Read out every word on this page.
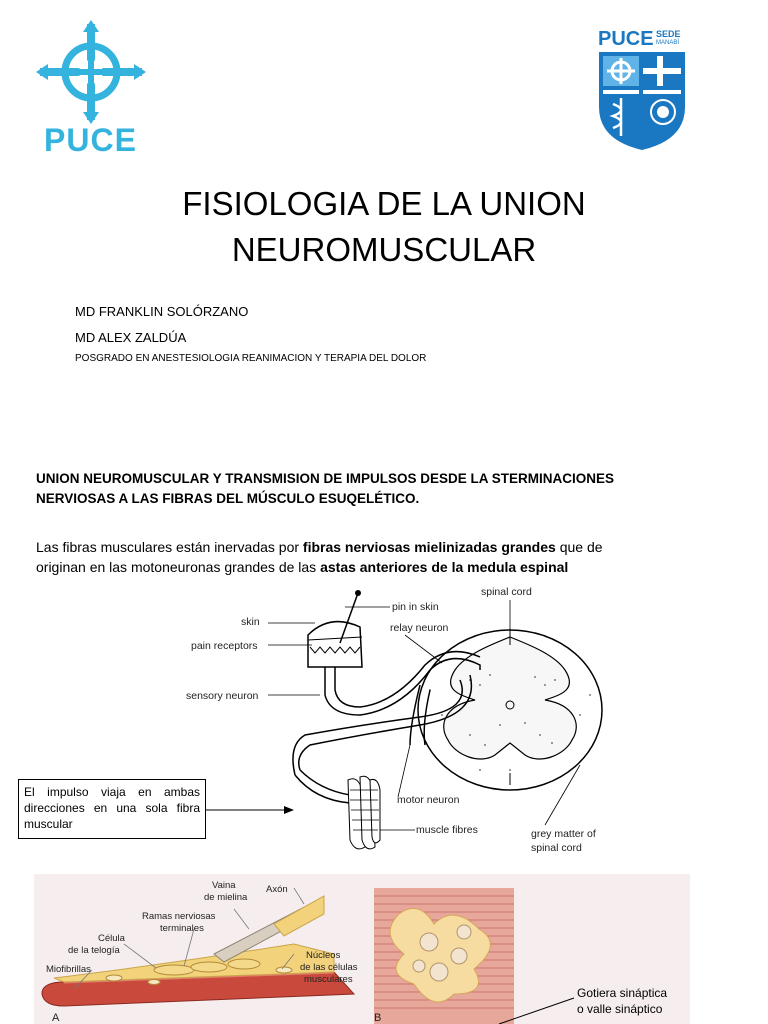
PUCE
PUCE SEDE
MANABÍ
FISIOLOGIA DE LA UNION
NEUROMUSCULAR
MD FRANKLIN SOLÓRZANO
MD ALEX ZALDÚA
POSGRADO EN ANESTESIOLOGIA REANIMACION Y TERAPIA DEL DOLOR
UNION NEUROMUSCULAR Y TRANSMISION DE IMPULSOS DESDE LA STERMINACIONES
NERVIOSAS A LAS FIBRAS DEL MÚSCULO ESUQELÉTICO.
Las fibras musculares están inervadas por fibras nerviosas mielinizadas grandes que de
originan en las motoneuronas grandes de las astas anteriores de la medula espinal
spinal cord
pin in skin
skin	relay neuron
pain receptors
sensory neuron
motor neuron
muscle fibres	grey matter of
spinal cord
El impulso viaja en ambas direcciones en una sola fibra muscular
Vaina
de mielina
Axón
Ramas nerviosas
terminales
Célula
de la telogía	Núcleos
de las células
musculares
Miofibrillas
A	B
Gotiera sináptica
o valle sináptico
